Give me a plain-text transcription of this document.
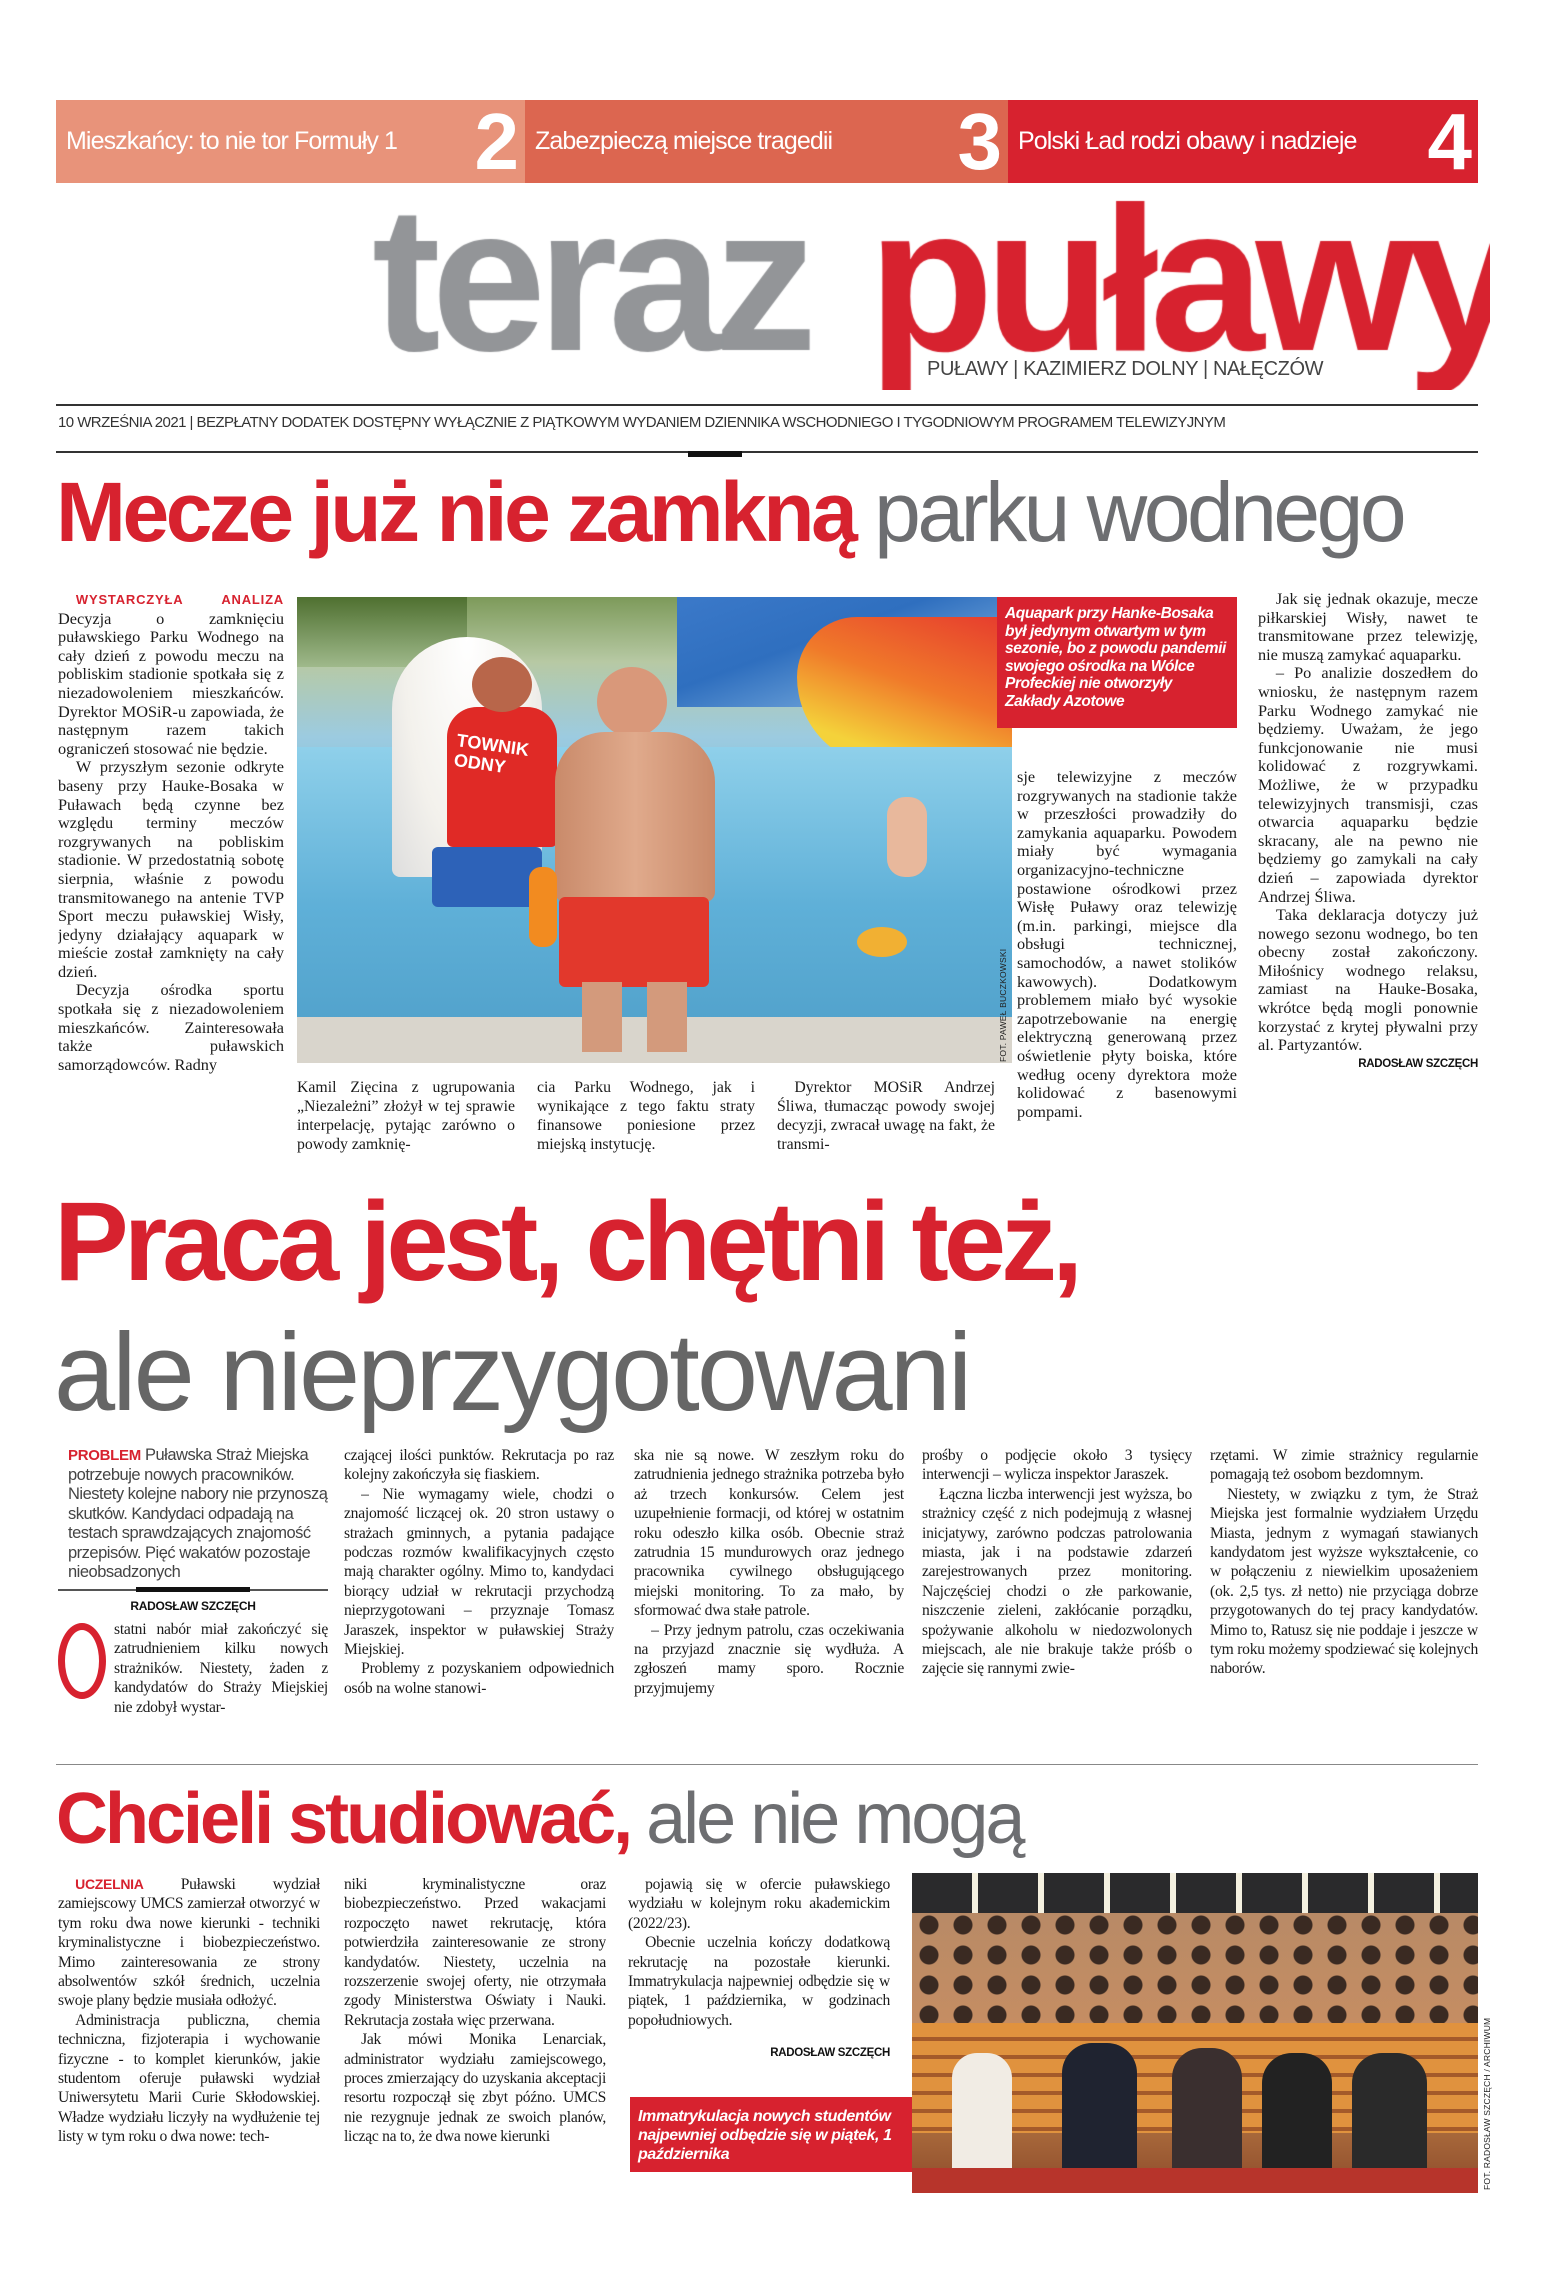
Mieszkańcy: to nie tor Formuły 1 2 Zabezpieczą miejsce tragedii 3 Polski Ład rodzi obawy i nadzieje 4
PUŁAWY | KAZIMIERZ DOLNY | NAŁĘCZÓW
10 WRZEŚNIA 2021 | BEZPŁATNY DODATEK DOSTĘPNY WYŁĄCZNIE Z PIĄTKOWYM WYDANIEM DZIENNIKA WSCHODNIEGO I TYGODNIOWYM PROGRAMEM TELEWIZYJNYM
Mecze już nie zamkną parku wodnego

WYSTARCZYŁA ANALIZA Decyzja o zamknięciu puławskiego Parku Wodnego na cały dzień z powodu meczu na pobliskim stadionie spotkała się z niezadowoleniem mieszkańców. Dyrektor MOSiR-u zapowiada, że następnym razem takich ograniczeń stosować nie będzie.

W przyszłym sezonie odkryte baseny przy Hauke-Bosaka w Puławach będą czynne bez względu terminy meczów rozgrywanych na pobliskim stadionie. W przedostatnią sobotę sierpnia, właśnie z powodu transmitowanego na antenie TVP Sport meczu puławskiej Wisły, jedyny działający aquapark w mieście został zamknięty na cały dzień.

Decyzja ośrodka sportu spotkała się z niezadowoleniem mieszkańców. Zainteresowała także puławskich samorządowców. Radny

TOWNIK ODNY
Aquapark przy Hanke-Bosaka był jedynym otwartym w tym sezonie, bo z powodu pandemii swojego ośrodka na Wólce Profeckiej nie otworzyły Zakłady Azotowe
FOT. PAWEŁ BUCZKOWSKI

Kamil Zięcina z ugrupowania „Niezależni” złożył w tej sprawie interpelację, pytając zarówno o powody zamknię-

cia Parku Wodnego, jak i wynikające z tego faktu straty finansowe poniesione przez miejską instytucję.

Dyrektor MOSiR Andrzej Śliwa, tłumacząc powody swojej decyzji, zwracał uwagę na fakt, że transmi-

sje telewizyjne z meczów rozgrywanych na stadionie także w przeszłości prowadziły do zamykania aquaparku. Powodem miały być wymagania organizacyjno-techniczne postawione ośrodkowi przez Wisłę Puławy oraz telewizję (m.in. parkingi, miejsce dla obsługi technicznej, samochodów, a nawet stolików kawowych). Dodatkowym problemem miało być wysokie zapotrzebowanie na energię elektryczną generowaną przez oświetlenie płyty boiska, które według oceny dyrektora może kolidować z basenowymi pompami.

Jak się jednak okazuje, mecze piłkarskiej Wisły, nawet te transmitowane przez telewizję, nie muszą zamykać aquaparku.

– Po analizie doszedłem do wniosku, że następnym razem Parku Wodnego zamykać nie będziemy. Uważam, że jego funkcjonowanie nie musi kolidować z rozgrywkami. Możliwe, że w przypadku telewizyjnych transmisji, czas otwarcia aquaparku będzie skracany, ale na pewno nie będziemy go zamykali na cały dzień – zapowiada dyrektor Andrzej Śliwa.

Taka deklaracja dotyczy już nowego sezonu wodnego, bo ten obecny został zakończony. Miłośnicy wodnego relaksu, zamiast na Hauke-Bosaka, wkrótce będą mogli ponownie korzystać z krytej pływalni przy al. Partyzantów.

RADOSŁAW SZCZĘCH
Praca jest, chętni też,
ale nieprzygotowani
PROBLEM Puławska Straż Miejska potrzebuje nowych pracowników. Niestety kolejne nabory nie przynoszą skutków. Kandydaci odpadają na testach sprawdzających znajomość przepisów. Pięć wakatów pozostaje nieobsadzonych
RADOSŁAW SZCZĘCH

statni nabór miał zakończyć się zatrudnieniem kilku nowych strażników. Niestety, żaden z kandydatów do Straży Miejskiej nie zdobył wystar-

czającej ilości punktów. Rekrutacja po raz kolejny zakończyła się fiaskiem.

– Nie wymagamy wiele, chodzi o znajomość liczącej ok. 20 stron ustawy o strażach gminnych, a pytania padające podczas rozmów kwalifikacyjnych często mają charakter ogólny. Mimo to, kandydaci biorący udział w rekrutacji przychodzą nieprzygotowani – przyznaje Tomasz Jaraszek, inspektor w puławskiej Straży Miejskiej.

Problemy z pozyskaniem odpowiednich osób na wolne stanowi-

ska nie są nowe. W zeszłym roku do zatrudnienia jednego strażnika potrzeba było aż trzech konkursów. Celem jest uzupełnienie formacji, od której w ostatnim roku odeszło kilka osób. Obecnie straż zatrudnia 15 mundurowych oraz jednego pracownika cywilnego obsługującego miejski monitoring. To za mało, by sformować dwa stałe patrole.

– Przy jednym patrolu, czas oczekiwania na przyjazd znacznie się wydłuża. A zgłoszeń mamy sporo. Rocznie przyjmujemy

prośby o podjęcie około 3 tysięcy interwencji – wylicza inspektor Jaraszek.

Łączna liczba interwencji jest wyższa, bo strażnicy część z nich podejmują z własnej inicjatywy, zarówno podczas patrolowania miasta, jak i na podstawie zdarzeń zarejestrowanych przez monitoring. Najczęściej chodzi o złe parkowanie, niszczenie zieleni, zakłócanie porządku, spożywanie alkoholu w niedozwolonych miejscach, ale nie brakuje także próśb o zajęcie się rannymi zwie-

rzętami. W zimie strażnicy regularnie pomagają też osobom bezdomnym.

Niestety, w związku z tym, że Straż Miejska jest formalnie wydziałem Urzędu Miasta, jednym z wymagań stawianych kandydatom jest wyższe wykształcenie, co w połączeniu z niewielkim uposażeniem (ok. 2,5 tys. zł netto) nie przyciąga dobrze przygotowanych do tej pracy kandydatów. Mimo to, Ratusz się nie poddaje i jeszcze w tym roku możemy spodziewać się kolejnych naborów.

Chcieli studiować, ale nie mogą

UCZELNIA Puławski wydział zamiejscowy UMCS zamierzał otworzyć w tym roku dwa nowe kierunki - techniki kryminalistyczne i biobezpieczeństwo. Mimo zainteresowania ze strony absolwentów szkół średnich, uczelnia swoje plany będzie musiała odłożyć.

Administracja publiczna, chemia techniczna, fizjoterapia i wychowanie fizyczne - to komplet kierunków, jakie studentom oferuje puławski wydział Uniwersytetu Marii Curie Skłodowskiej. Władze wydziału liczyły na wydłużenie tej listy w tym roku o dwa nowe: tech-

niki kryminalistyczne oraz biobezpieczeństwo. Przed wakacjami rozpoczęto nawet rekrutację, która potwierdziła zainteresowanie ze strony kandydatów. Niestety, uczelnia na rozszerzenie swojej oferty, nie otrzymała zgody Ministerstwa Oświaty i Nauki. Rekrutacja została więc przerwana.

Jak mówi Monika Lenarciak, administrator wydziału zamiejscowego, proces zmierzający do uzyskania akceptacji resortu rozpoczął się zbyt późno. UMCS nie rezygnuje jednak ze swoich planów, licząc na to, że dwa nowe kierunki

pojawią się w ofercie puławskiego wydziału w kolejnym roku akademickim (2022/23).

Obecnie uczelnia kończy dodatkową rekrutację na pozostałe kierunki. Immatrykulacja najpewniej odbędzie się w piątek, 1 października, w godzinach popołudniowych.

RADOSŁAW SZCZĘCH
Immatrykulacja nowych studentów najpewniej odbędzie się w piątek, 1 października	FOT. RADOSŁAW SZCZĘCH / ARCHIWUM
